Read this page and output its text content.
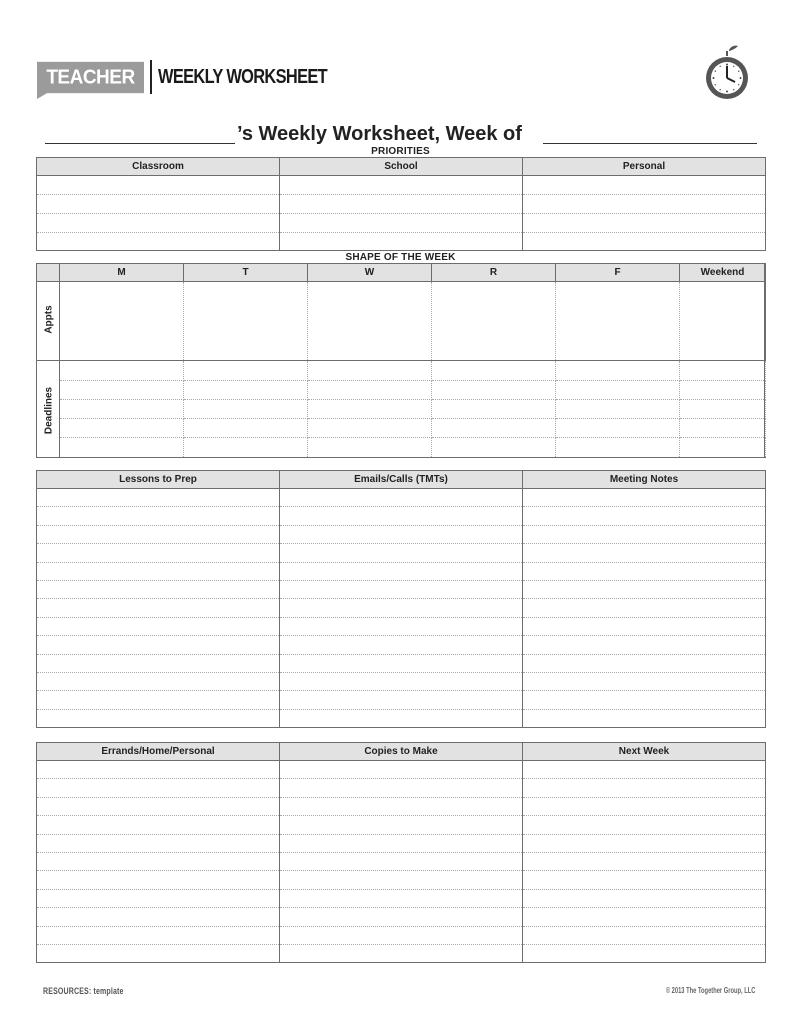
TEACHER	WEEKLY WORKSHEET
’s Weekly Worksheet, Week of
PRIORITIES
Classroom	School	Personal

SHAPE OF THE WEEK
	M	T	W	R	F	Weekend

Appts						

Deadlines						

Lessons to Prep	Emails/Calls (TMTs)	Meeting Notes

Errands/Home/Personal	Copies to Make	Next Week

RESOURCES: template	© 2013 The Together Group, LLC
